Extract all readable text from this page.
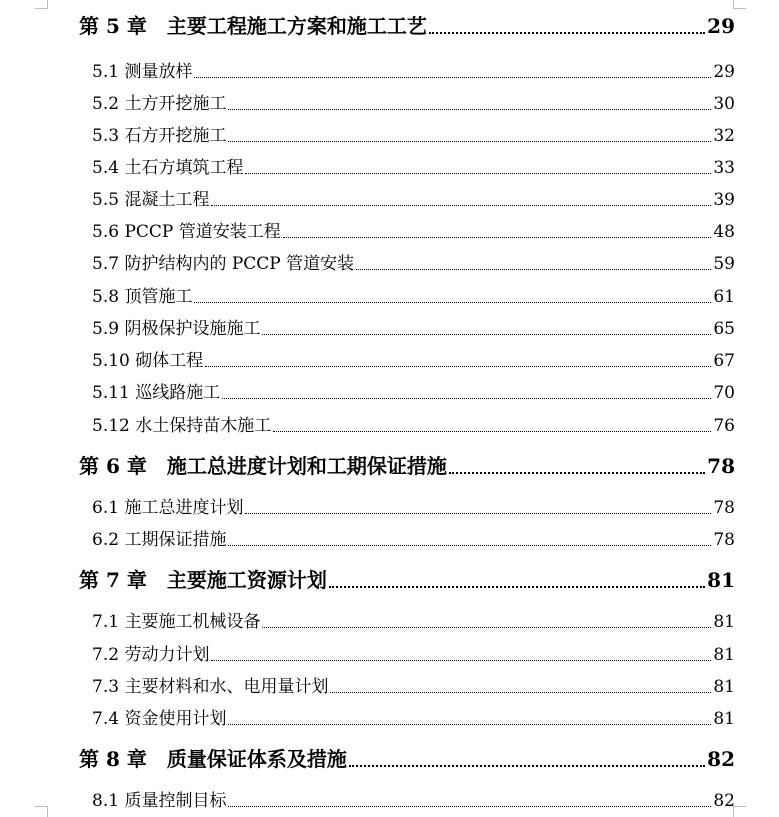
第 5 章　主要工程施工方案和施工工艺	29
5.1 测量放样	29
5.2 土方开挖施工	30
5.3 石方开挖施工	32
5.4 土石方填筑工程	33
5.5 混凝土工程	39
5.6 PCCP 管道安装工程	48
5.7 防护结构内的 PCCP 管道安装	59
5.8 顶管施工	61
5.9 阴极保护设施施工	65
5.10 砌体工程	67
5.11 巡线路施工	70
5.12 水土保持苗木施工	76
第 6 章　施工总进度计划和工期保证措施	78
6.1 施工总进度计划	78
6.2 工期保证措施	78
第 7 章　主要施工资源计划	81
7.1 主要施工机械设备	81
7.2 劳动力计划	81
7.3 主要材料和水、电用量计划	81
7.4 资金使用计划	81
第 8 章　质量保证体系及措施	82
8.1 质量控制目标	82
